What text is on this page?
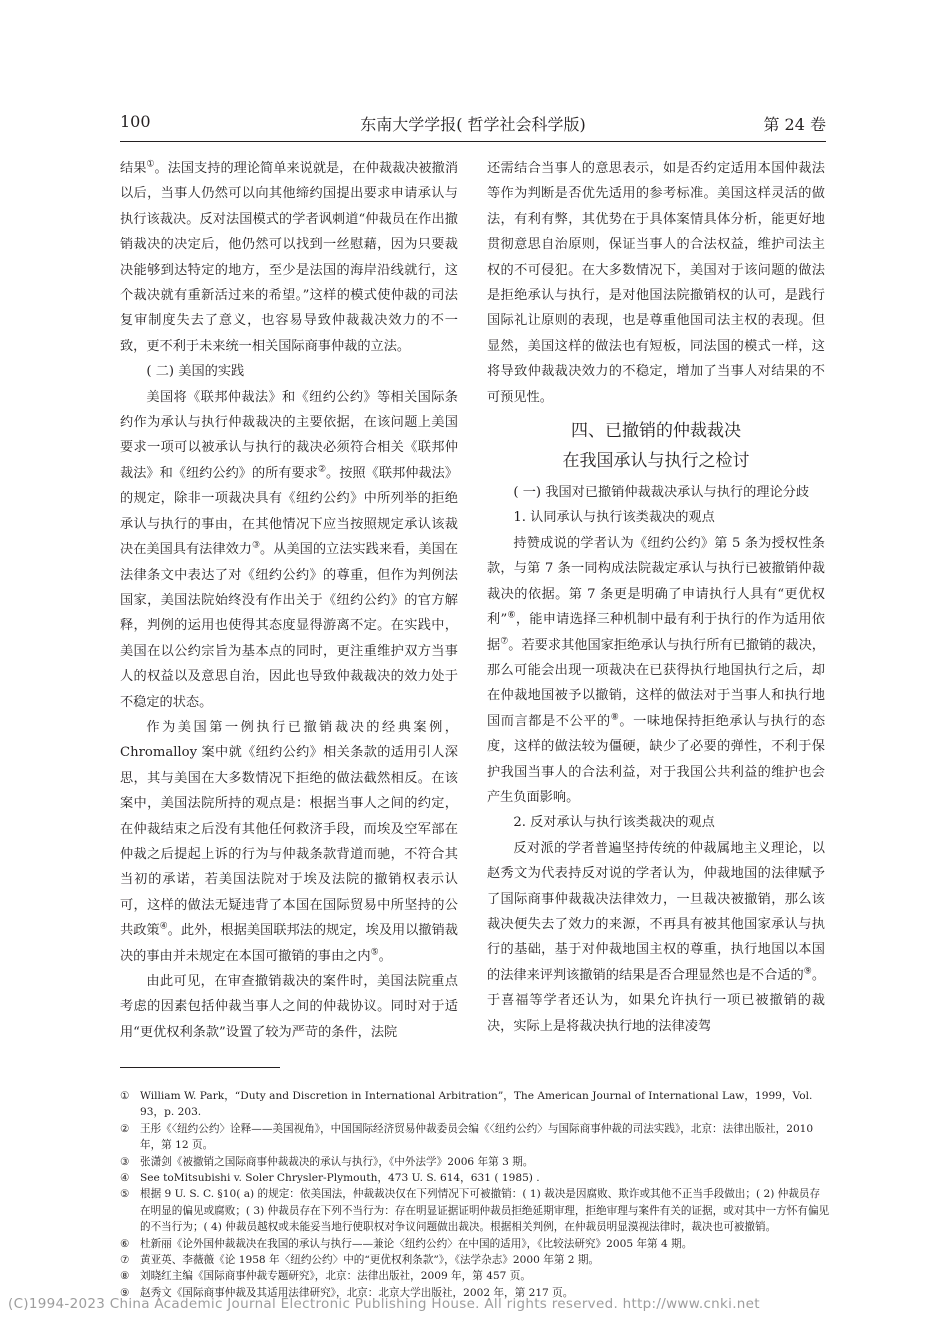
100	东南大学学报( 哲学社会科学版)	第 24 卷

结果①。法国支持的理论简单来说就是，在仲裁裁决被撤消以后，当事人仍然可以向其他缔约国提出要求申请承认与执行该裁决。反对法国模式的学者讽刺道“仲裁员在作出撤销裁决的决定后，他仍然可以找到一丝慰藉，因为只要裁决能够到达特定的地方，至少是法国的海岸沿线就行，这个裁决就有重新活过来的希望。”这样的模式使仲裁的司法复审制度失去了意义，也容易导致仲裁裁决效力的不一致，更不利于未来统一相关国际商事仲裁的立法。

( 二) 美国的实践

美国将《联邦仲裁法》和《纽约公约》等相关国际条约作为承认与执行仲裁裁决的主要依据，在该问题上美国要求一项可以被承认与执行的裁决必须符合相关《联邦仲裁法》和《纽约公约》的所有要求②。按照《联邦仲裁法》的规定，除非一项裁决具有《纽约公约》中所列举的拒绝承认与执行的事由，在其他情况下应当按照规定承认该裁决在美国具有法律效力③。从美国的立法实践来看，美国在法律条文中表达了对《纽约公约》的尊重，但作为判例法国家，美国法院始终没有作出关于《纽约公约》的官方解释，判例的运用也使得其态度显得游离不定。在实践中，美国在以公约宗旨为基本点的同时，更注重维护双方当事人的权益以及意思自治，因此也导致仲裁裁决的效力处于不稳定的状态。

作为美国第一例执行已撤销裁决的经典案例，Chromalloy 案中就《纽约公约》相关条款的适用引人深思，其与美国在大多数情况下拒绝的做法截然相反。在该案中，美国法院所持的观点是：根据当事人之间的约定，在仲裁结束之后没有其他任何救济手段，而埃及空军部在仲裁之后提起上诉的行为与仲裁条款背道而驰，不符合其当初的承诺，若美国法院对于埃及法院的撤销权表示认可，这样的做法无疑违背了本国在国际贸易中所坚持的公共政策④。此外，根据美国联邦法的规定，埃及用以撤销裁决的事由并未规定在本国可撤销的事由之内⑤。

由此可见，在审查撤销裁决的案件时，美国法院重点考虑的因素包括仲裁当事人之间的仲裁协议。同时对于适用“更优权利条款”设置了较为严苛的条件，法院

还需结合当事人的意思表示，如是否约定适用本国仲裁法等作为判断是否优先适用的参考标准。美国这样灵活的做法，有利有弊，其优势在于具体案情具体分析，能更好地贯彻意思自治原则，保证当事人的合法权益，维护司法主权的不可侵犯。在大多数情况下，美国对于该问题的做法是拒绝承认与执行，是对他国法院撤销权的认可，是践行国际礼让原则的表现，也是尊重他国司法主权的表现。但显然，美国这样的做法也有短板，同法国的模式一样，这将导致仲裁裁决效力的不稳定，增加了当事人对结果的不可预见性。

四、已撤销的仲裁裁决
在我国承认与执行之检讨

( 一) 我国对已撤销仲裁裁决承认与执行的理论分歧

1. 认同承认与执行该类裁决的观点

持赞成说的学者认为《纽约公约》第 5 条为授权性条款，与第 7 条一同构成法院裁定承认与执行已被撤销仲裁裁决的依据。第 7 条更是明确了申请执行人具有“更优权利”⑥，能申请选择三种机制中最有利于执行的作为适用依据⑦。若要求其他国家拒绝承认与执行所有已撤销的裁决，那么可能会出现一项裁决在已获得执行地国执行之后，却在仲裁地国被予以撤销，这样的做法对于当事人和执行地国而言都是不公平的⑧。一味地保持拒绝承认与执行的态度，这样的做法较为僵硬，缺少了必要的弹性，不利于保护我国当事人的合法利益，对于我国公共利益的维护也会产生负面影响。

2. 反对承认与执行该类裁决的观点

反对派的学者普遍坚持传统的仲裁属地主义理论，以赵秀文为代表持反对说的学者认为，仲裁地国的法律赋予了国际商事仲裁裁决法律效力，一旦裁决被撤销，那么该裁决便失去了效力的来源，不再具有被其他国家承认与执行的基础，基于对仲裁地国主权的尊重，执行地国以本国的法律来评判该撤销的结果是否合理显然也是不合适的⑨。于喜福等学者还认为，如果允许执行一项已被撤销的裁决，实际上是将裁决执行地的法律凌驾

① William W. Park，“Duty and Discretion in International Arbitration”，The American Journal of International Law，1999，Vol. 93，p. 203.
② 王彤《〈纽约公约〉诠释——美国视角》，中国国际经济贸易仲裁委员会编《〈纽约公约〉与国际商事仲裁的司法实践》，北京：法律出版社，2010 年，第 12 页。
③ 张潇剑《被撤销之国际商事仲裁裁决的承认与执行》，《中外法学》2006 年第 3 期。
④ See toMitsubishi v. Soler Chrysler-Plymouth，473 U. S. 614，631 ( 1985) .
⑤ 根据 9 U. S. C. §10( a) 的规定：依美国法，仲裁裁决仅在下列情况下可被撤销：( 1) 裁决是因腐败、欺诈或其他不正当手段做出；( 2) 仲裁员存在明显的偏见或腐败；( 3) 仲裁员存在下列不当行为：存在明显证据证明仲裁员拒绝延期审理，拒绝审理与案件有关的证据，或对其中一方怀有偏见的不当行为；( 4) 仲裁员越权或未能妥当地行使职权对争议问题做出裁决。根据相关判例，在仲裁员明显漠视法律时，裁决也可被撤销。
⑥ 杜新丽《论外国仲裁裁决在我国的承认与执行——兼论〈纽约公约〉在中国的适用》，《比较法研究》2005 年第 4 期。
⑦ 黄亚英、李薇薇《论 1958 年〈纽约公约〉中的“更优权利条款”》，《法学杂志》2000 年第 2 期。
⑧ 刘晓红主编《国际商事仲裁专题研究》，北京：法律出版社，2009 年，第 457 页。
⑨ 赵秀文《国际商事仲裁及其适用法律研究》，北京：北京大学出版社，2002 年，第 217 页。
(C)1994-2023 China Academic Journal Electronic Publishing House. All rights reserved. http://www.cnki.net
